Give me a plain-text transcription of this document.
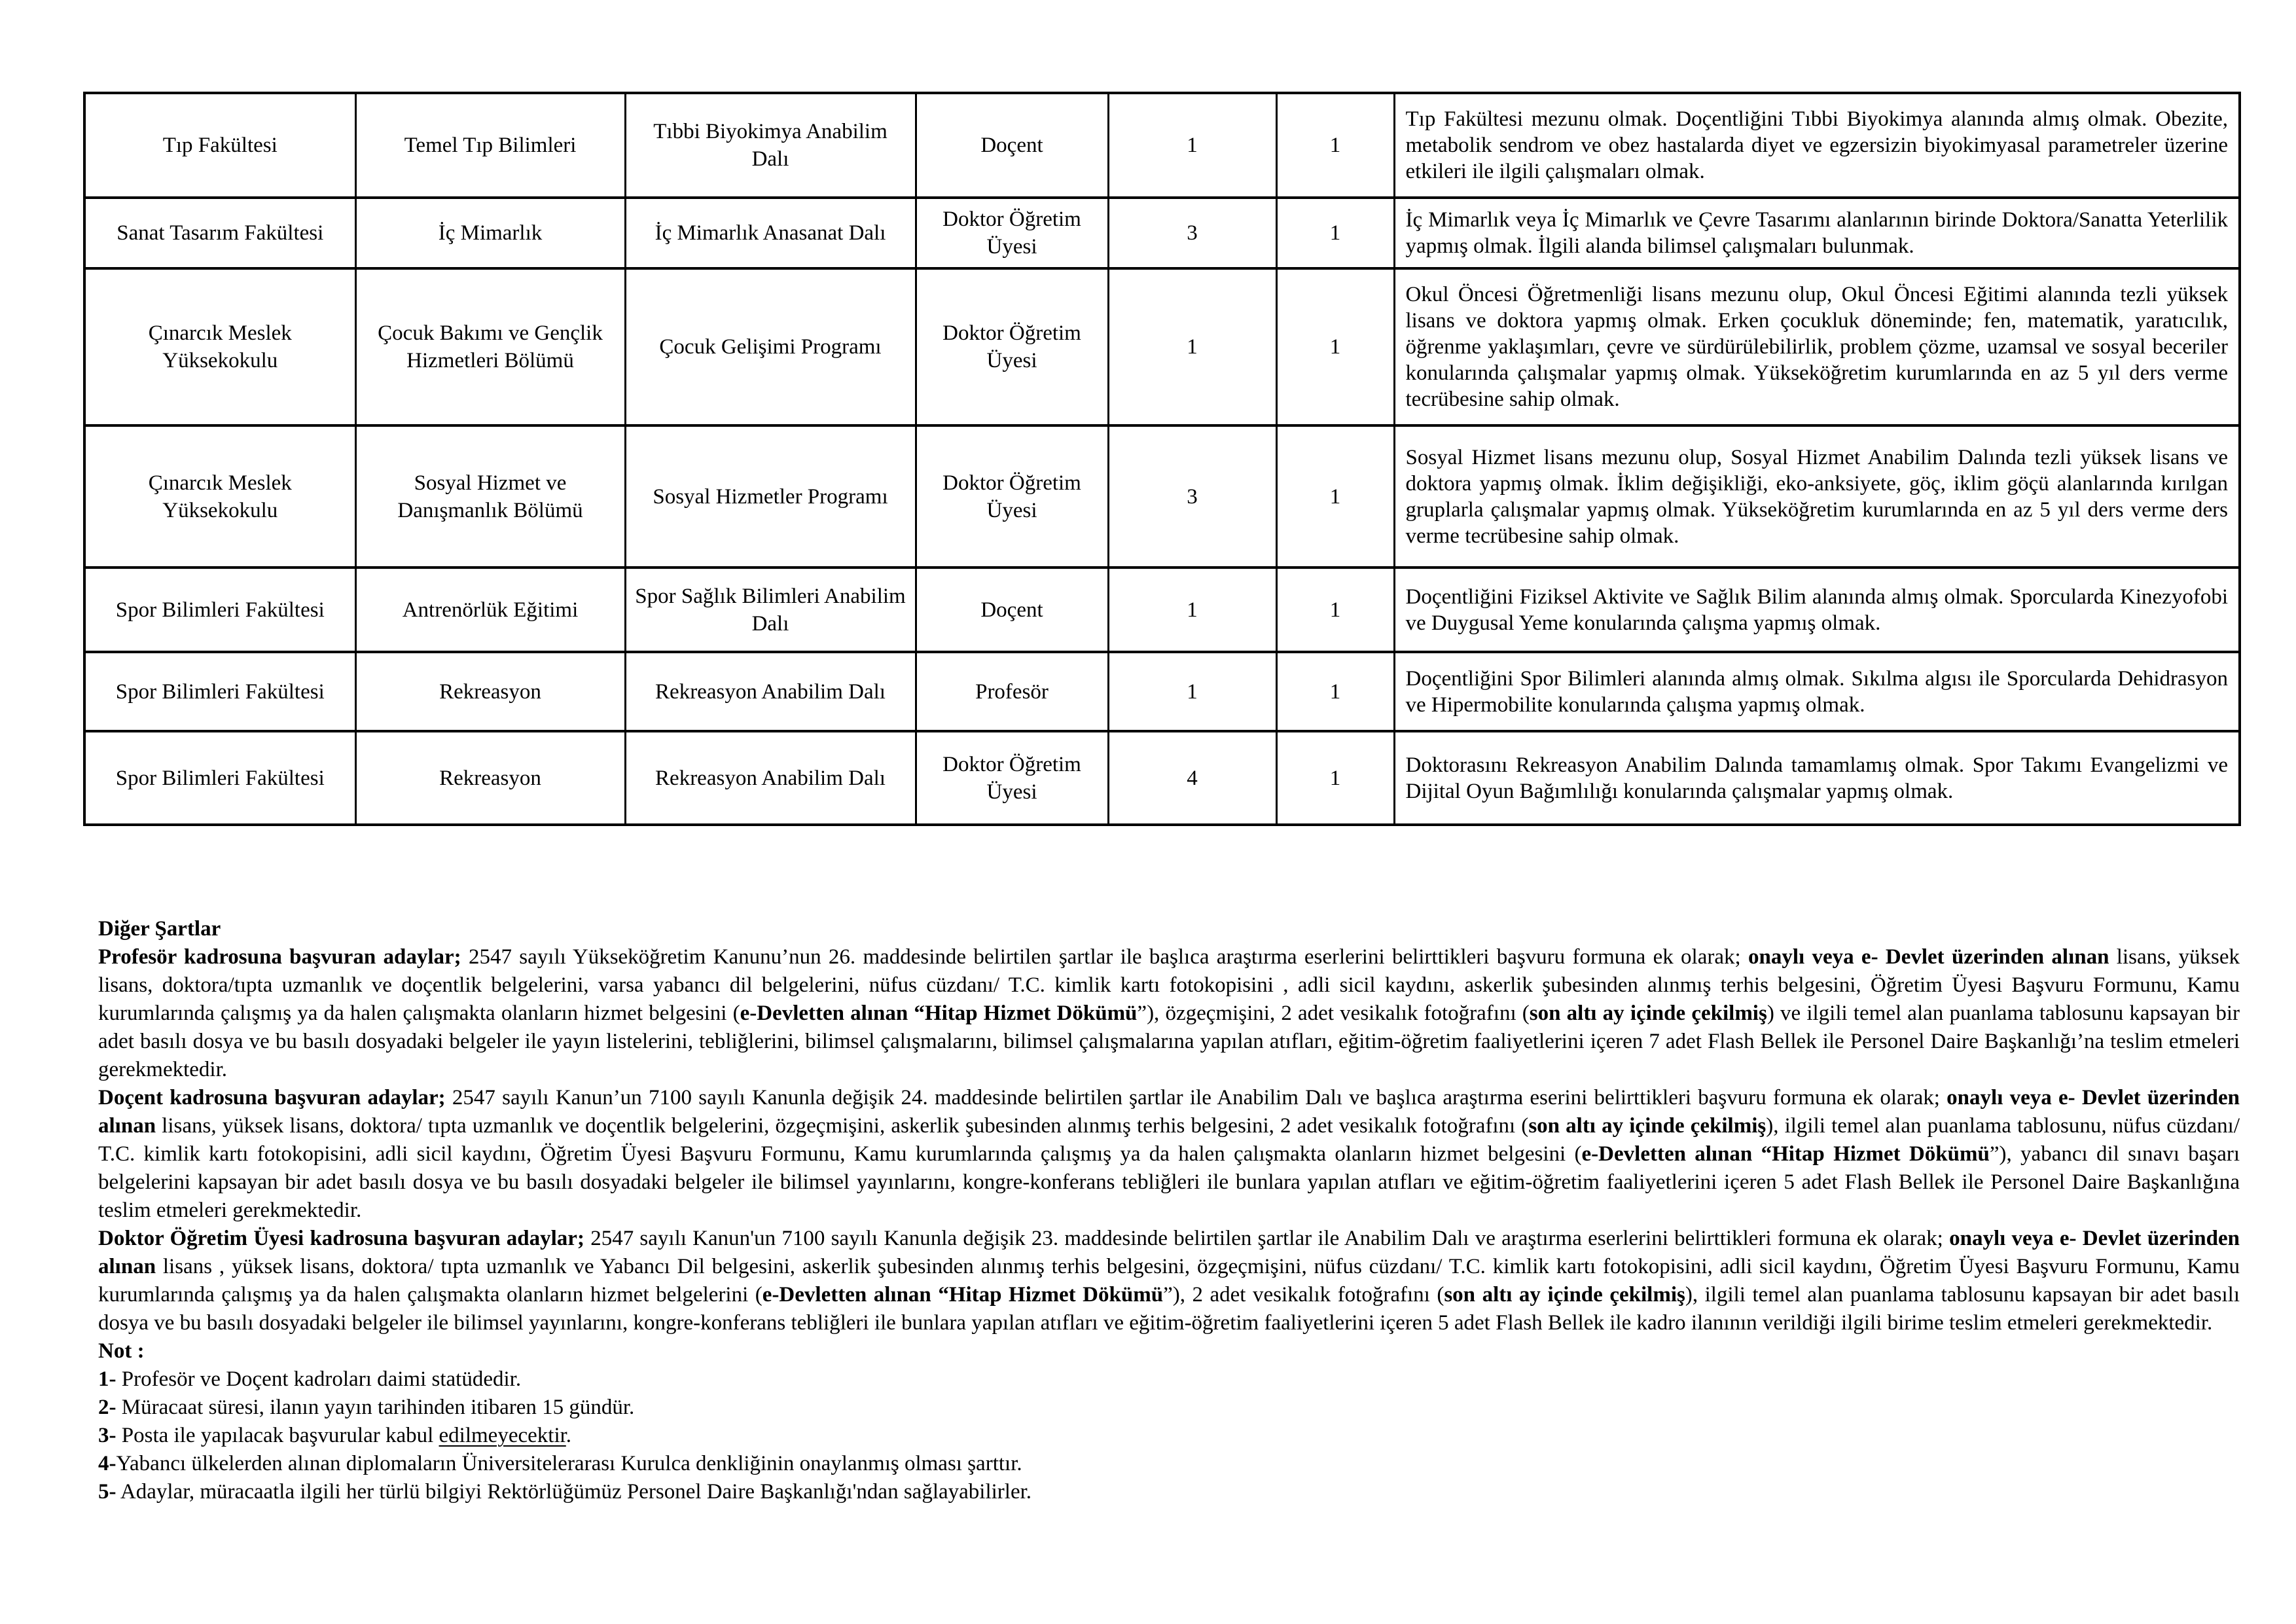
Tıp Fakültesi	Temel Tıp Bilimleri	Tıbbi Biyokimya Anabilim Dalı	Doçent	1	1	Tıp Fakültesi mezunu olmak. Doçentliğini Tıbbi Biyokimya alanında almış olmak. Obezite, metabolik sendrom ve obez hastalarda diyet ve egzersizin biyokimyasal parametreler üzerine etkileri ile ilgili çalışmaları olmak.
Sanat Tasarım Fakültesi	İç Mimarlık	İç Mimarlık Anasanat Dalı	Doktor Öğretim Üyesi	3	1	İç Mimarlık veya İç Mimarlık ve Çevre Tasarımı alanlarının birinde Doktora/Sanatta Yeterlilik yapmış olmak. İlgili alanda bilimsel çalışmaları bulunmak.
Çınarcık Meslek Yüksekokulu	Çocuk Bakımı ve Gençlik Hizmetleri Bölümü	Çocuk Gelişimi Programı	Doktor Öğretim Üyesi	1	1	Okul Öncesi Öğretmenliği lisans mezunu olup, Okul Öncesi Eğitimi alanında tezli yüksek lisans ve doktora yapmış olmak. Erken çocukluk döneminde; fen, matematik, yaratıcılık, öğrenme yaklaşımları, çevre ve sürdürülebilirlik, problem çözme, uzamsal ve sosyal beceriler konularında çalışmalar yapmış olmak. Yükseköğretim kurumlarında en az 5 yıl ders verme tecrübesine sahip olmak.
Çınarcık Meslek Yüksekokulu	Sosyal Hizmet ve Danışmanlık Bölümü	Sosyal Hizmetler Programı	Doktor Öğretim Üyesi	3	1	Sosyal Hizmet lisans mezunu olup, Sosyal Hizmet Anabilim Dalında tezli yüksek lisans ve doktora yapmış olmak. İklim değişikliği, eko-anksiyete, göç, iklim göçü alanlarında kırılgan gruplarla çalışmalar yapmış olmak. Yükseköğretim kurumlarında en az 5 yıl ders verme ders verme tecrübesine sahip olmak.
Spor Bilimleri Fakültesi	Antrenörlük Eğitimi	Spor Sağlık Bilimleri Anabilim Dalı	Doçent	1	1	Doçentliğini Fiziksel Aktivite ve Sağlık Bilim alanında almış olmak. Sporcularda Kinezyofobi ve Duygusal Yeme konularında çalışma yapmış olmak.
Spor Bilimleri Fakültesi	Rekreasyon	Rekreasyon Anabilim Dalı	Profesör	1	1	Doçentliğini Spor Bilimleri alanında almış olmak. Sıkılma algısı ile Sporcularda Dehidrasyon ve Hipermobilite konularında çalışma yapmış olmak.
Spor Bilimleri Fakültesi	Rekreasyon	Rekreasyon Anabilim Dalı	Doktor Öğretim Üyesi	4	1	Doktorasını Rekreasyon Anabilim Dalında tamamlamış olmak. Spor Takımı Evangelizmi ve Dijital Oyun Bağımlılığı konularında çalışmalar yapmış olmak.

Diğer Şartlar

Profesör kadrosuna başvuran adaylar; 2547 sayılı Yükseköğretim Kanunu’nun 26. maddesinde belirtilen şartlar ile başlıca araştırma eserlerini belirttikleri başvuru formuna ek olarak; onaylı veya e- Devlet üzerinden alınan lisans, yüksek lisans, doktora/tıpta uzmanlık ve doçentlik belgelerini, varsa yabancı dil belgelerini, nüfus cüzdanı/ T.C. kimlik kartı fotokopisini , adli sicil kaydını, askerlik şubesinden alınmış terhis belgesini, Öğretim Üyesi Başvuru Formunu, Kamu kurumlarında çalışmış ya da halen çalışmakta olanların hizmet belgesini (e-Devletten alınan “Hitap Hizmet Dökümü”), özgeçmişini, 2 adet vesikalık fotoğrafını (son altı ay içinde çekilmiş) ve ilgili temel alan puanlama tablosunu kapsayan bir adet basılı dosya ve bu basılı dosyadaki belgeler ile yayın listelerini, tebliğlerini, bilimsel çalışmalarını, bilimsel çalışmalarına yapılan atıfları, eğitim-öğretim faaliyetlerini içeren 7 adet Flash Bellek ile Personel Daire Başkanlığı’na teslim etmeleri gerekmektedir.

Doçent kadrosuna başvuran adaylar; 2547 sayılı Kanun’un 7100 sayılı Kanunla değişik 24. maddesinde belirtilen şartlar ile Anabilim Dalı ve başlıca araştırma eserini belirttikleri başvuru formuna ek olarak; onaylı veya e- Devlet üzerinden alınan lisans, yüksek lisans, doktora/ tıpta uzmanlık ve doçentlik belgelerini, özgeçmişini, askerlik şubesinden alınmış terhis belgesini, 2 adet vesikalık fotoğrafını (son altı ay içinde çekilmiş), ilgili temel alan puanlama tablosunu, nüfus cüzdanı/ T.C. kimlik kartı fotokopisini, adli sicil kaydını, Öğretim Üyesi Başvuru Formunu, Kamu kurumlarında çalışmış ya da halen çalışmakta olanların hizmet belgesini (e-Devletten alınan “Hitap Hizmet Dökümü”), yabancı dil sınavı başarı belgelerini kapsayan bir adet basılı dosya ve bu basılı dosyadaki belgeler ile bilimsel yayınlarını, kongre-konferans tebliğleri ile bunlara yapılan atıfları ve eğitim-öğretim faaliyetlerini içeren 5 adet Flash Bellek ile Personel Daire Başkanlığına teslim etmeleri gerekmektedir.

Doktor Öğretim Üyesi kadrosuna başvuran adaylar; 2547 sayılı Kanun'un 7100 sayılı Kanunla değişik 23. maddesinde belirtilen şartlar ile Anabilim Dalı ve araştırma eserlerini belirttikleri formuna ek olarak; onaylı veya e- Devlet üzerinden alınan lisans , yüksek lisans, doktora/ tıpta uzmanlık ve Yabancı Dil belgesini, askerlik şubesinden alınmış terhis belgesini, özgeçmişini, nüfus cüzdanı/ T.C. kimlik kartı fotokopisini, adli sicil kaydını, Öğretim Üyesi Başvuru Formunu, Kamu kurumlarında çalışmış ya da halen çalışmakta olanların hizmet belgelerini (e-Devletten alınan “Hitap Hizmet Dökümü”), 2 adet vesikalık fotoğrafını (son altı ay içinde çekilmiş), ilgili temel alan puanlama tablosunu kapsayan bir adet basılı dosya ve bu basılı dosyadaki belgeler ile bilimsel yayınlarını, kongre-konferans tebliğleri ile bunlara yapılan atıfları ve eğitim-öğretim faaliyetlerini içeren 5 adet Flash Bellek ile kadro ilanının verildiği ilgili birime teslim etmeleri gerekmektedir.

Not :

1- Profesör ve Doçent kadroları daimi statüdedir.

2- Müracaat süresi, ilanın yayın tarihinden itibaren 15 gündür.

3- Posta ile yapılacak başvurular kabul edilmeyecektir.

4-Yabancı ülkelerden alınan diplomaların Üniversitelerarası Kurulca denkliğinin onaylanmış olması şarttır.

5- Adaylar, müracaatla ilgili her türlü bilgiyi Rektörlüğümüz Personel Daire Başkanlığı'ndan sağlayabilirler.
